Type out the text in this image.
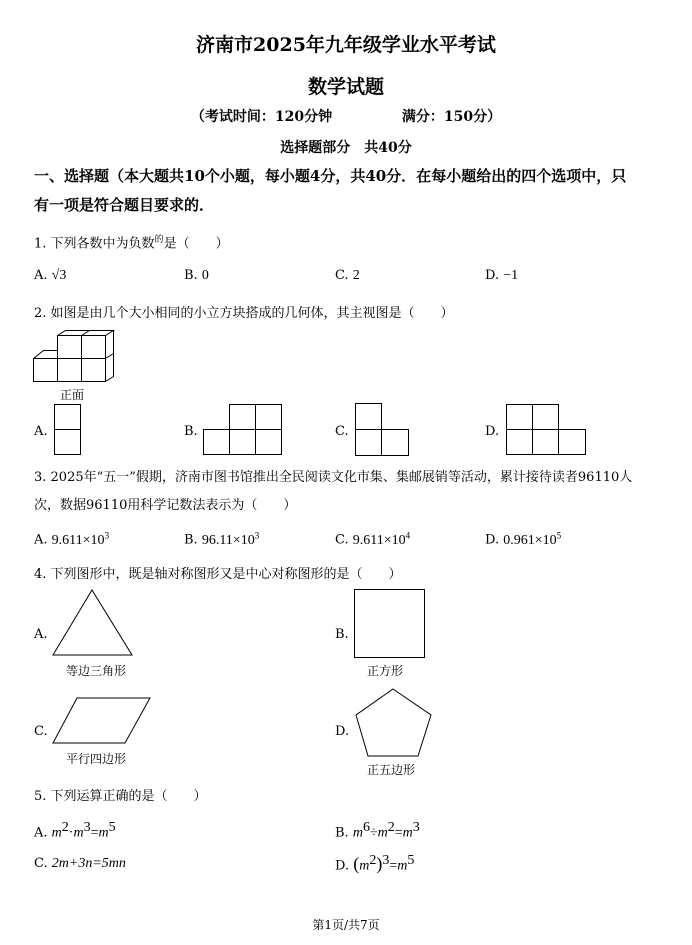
济南市2025年九年级学业水平考试
数学试题
（考试时间：120分钟	满分：150分）
选择题部分　共40分
一、选择题（本大题共10个小题，每小题4分，共40分．在每小题给出的四个选项中，只
有一项是符合题目要求的．
1. 下列各数中为负数$^的$是（　　）
A. √3	B. 0	C. 2	D. −1
2. 如图是由几个大小相同的小立方块搭成的几何体，其主视图是（　　）
正面
A.	B.	C.	D.
3. 2025年“五一”假期，济南市图书馆推出全民阅读文化市集、集邮展销等活动，累计接待读者96110人
次，数据96110用科学记数法表示为（　　）
A. $9.611\times 10^3$	B. $96.11\times 10^3$	C. $9.611\times 10^4$	D. $0.961\times 10^5$
4. 下列图形中，既是轴对称图形又是中心对称图形的是（　　）
A.
等边三角形
B.
正方形
C.
平行四边形
D.
正五边形
5. 下列运算正确的是（　　）
A. $m^2\cdot m^3=m^5$	B. $m^6\div m^2=m^3$
C. 2m+3n=5mn	D. $(m^2)^3=m^5$
第1页/共7页
